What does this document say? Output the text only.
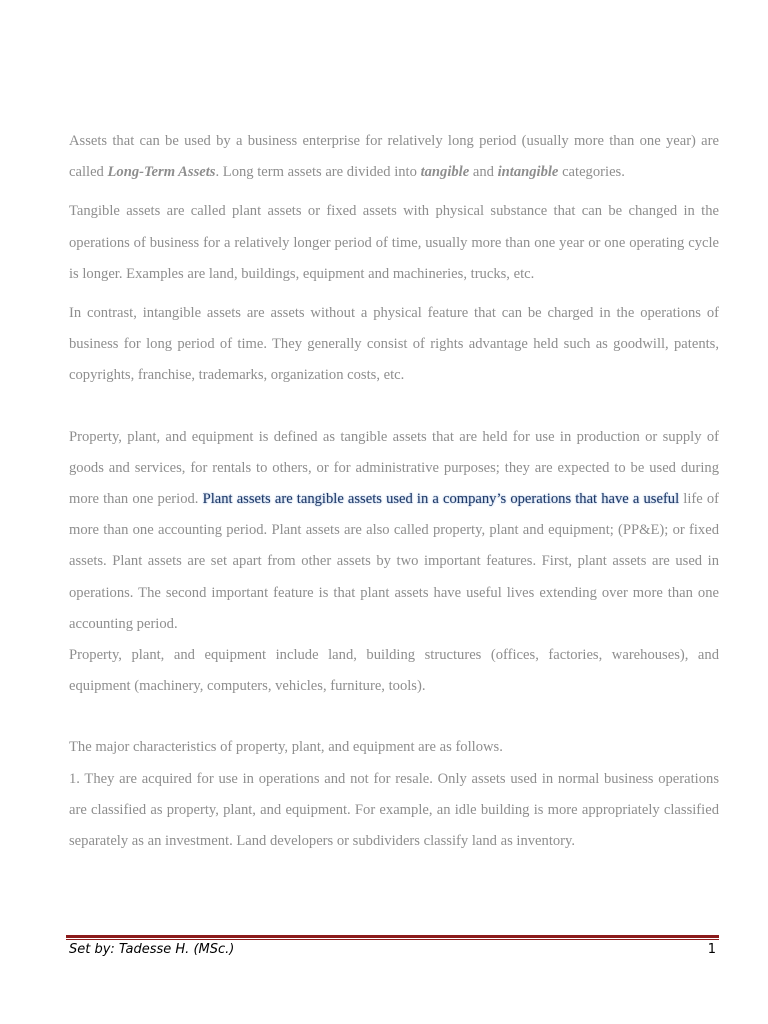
Assets that can be used by a business enterprise for relatively long period (usually more than one year) are called Long-Term Assets. Long term assets are divided into tangible and intangible categories.

Tangible assets are called plant assets or fixed assets with physical substance that can be changed in the operations of business for a relatively longer period of time, usually more than one year or one operating cycle is longer. Examples are land, buildings, equipment and machineries, trucks, etc.

In contrast, intangible assets are assets without a physical feature that can be charged in the operations of business for long period of time. They generally consist of rights advantage held such as goodwill, patents, copyrights, franchise, trademarks, organization costs, etc.

Property, plant, and equipment is defined as tangible assets that are held for use in production or supply of goods and services, for rentals to others, or for administrative purposes; they are expected to be used during more than one period. Plant assets are tangible assets used in a company’s operations that have a useful life of more than one accounting period. Plant assets are also called property, plant and equipment; (PP&E); or fixed assets. Plant assets are set apart from other assets by two important features. First, plant assets are used in operations. The second important feature is that plant assets have useful lives extending over more than one accounting period.

Property, plant, and equipment include land, building structures (offices, factories, warehouses), and equipment (machinery, computers, vehicles, furniture, tools).

The major characteristics of property, plant, and equipment are as follows.

1. They are acquired for use in operations and not for resale. Only assets used in normal business operations are classified as property, plant, and equipment. For example, an idle building is more appropriately classified separately as an investment. Land developers or subdividers classify land as inventory.

Set by: Tadesse H. (MSc.)	1
